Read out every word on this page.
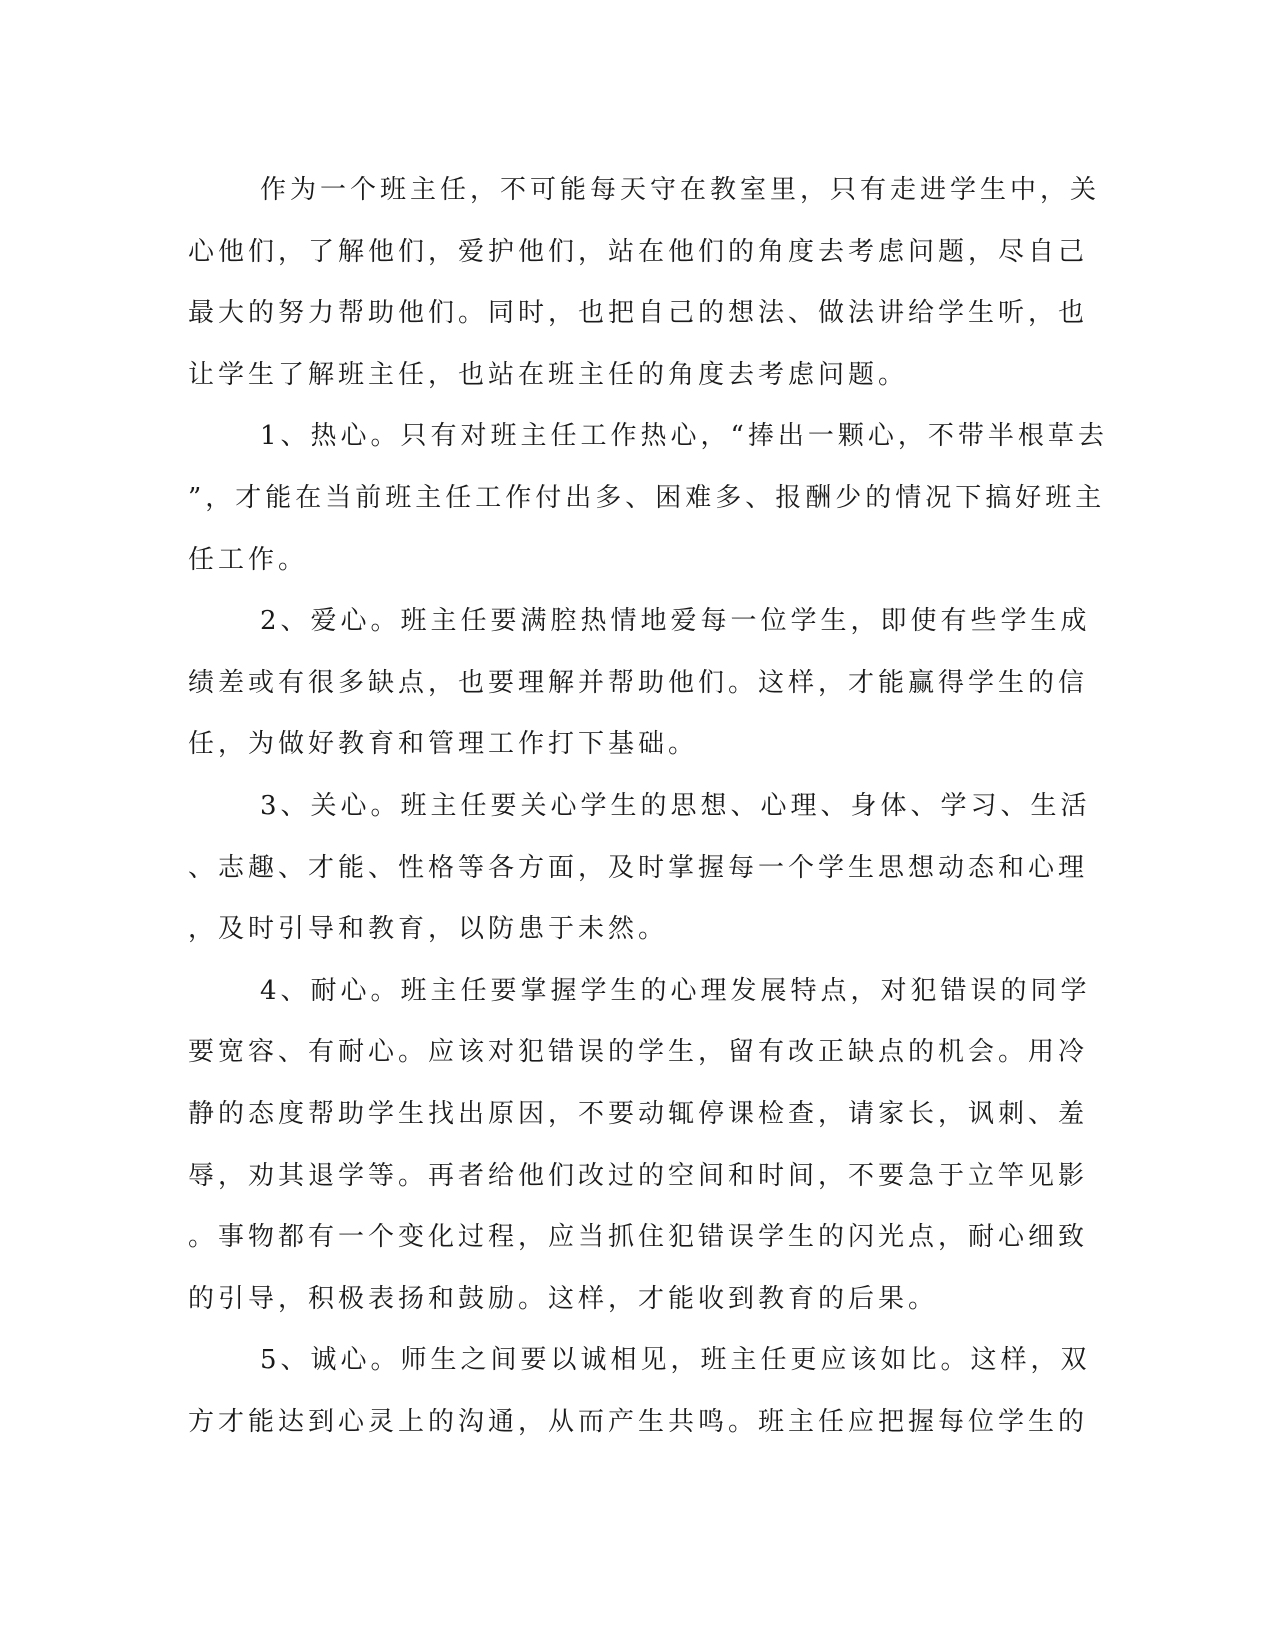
作为一个班主任，不可能每天守在教室里，只有走进学生中，关
心他们，了解他们，爱护他们，站在他们的角度去考虑问题，尽自己
最大的努力帮助他们。同时，也把自己的想法、做法讲给学生听，也
让学生了解班主任，也站在班主任的角度去考虑问题。
1、热心。只有对班主任工作热心，“捧出一颗心，不带半根草去
”，才能在当前班主任工作付出多、困难多、报酬少的情况下搞好班主
任工作。
2、爱心。班主任要满腔热情地爱每一位学生，即使有些学生成
绩差或有很多缺点，也要理解并帮助他们。这样，才能赢得学生的信
任，为做好教育和管理工作打下基础。
3、关心。班主任要关心学生的思想、心理、身体、学习、生活
、志趣、才能、性格等各方面，及时掌握每一个学生思想动态和心理
，及时引导和教育，以防患于未然。
4、耐心。班主任要掌握学生的心理发展特点，对犯错误的同学
要宽容、有耐心。应该对犯错误的学生，留有改正缺点的机会。用冷
静的态度帮助学生找出原因，不要动辄停课检查，请家长，讽刺、羞
辱，劝其退学等。再者给他们改过的空间和时间，不要急于立竿见影
。事物都有一个变化过程，应当抓住犯错误学生的闪光点，耐心细致
的引导，积极表扬和鼓励。这样，才能收到教育的后果。
5、诚心。师生之间要以诚相见，班主任更应该如比。这样，双
方才能达到心灵上的沟通，从而产生共鸣。班主任应把握每位学生的
